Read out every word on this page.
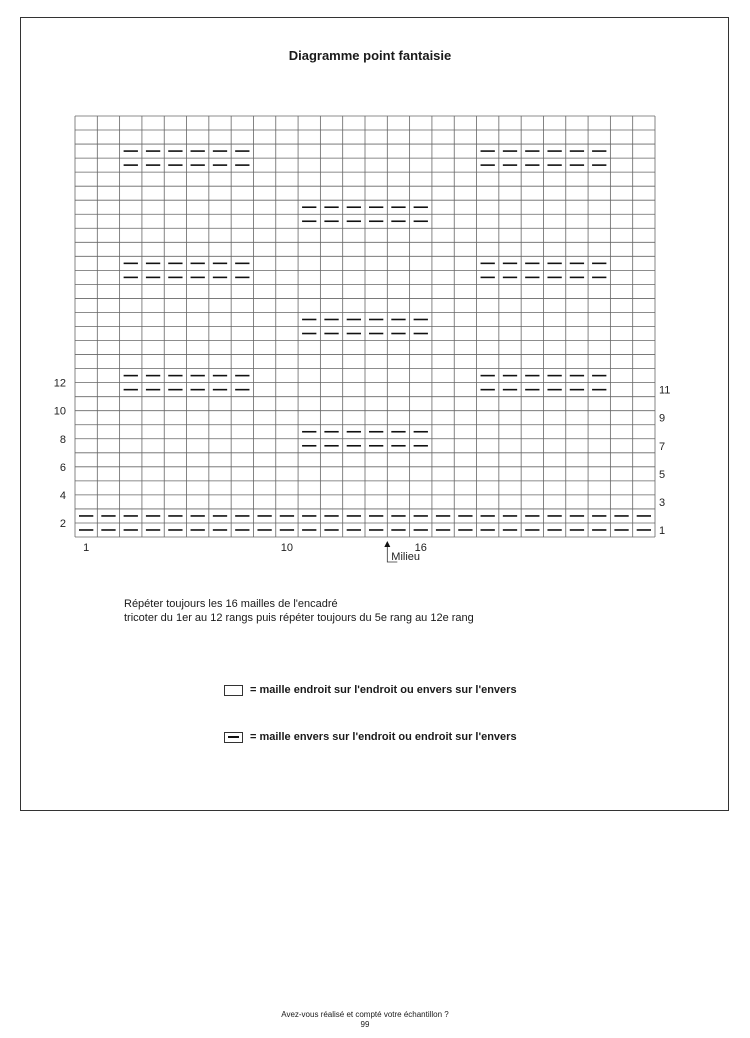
Diagramme point fantaisie
2
4
6
8
10
12
1
3
5
7
9
11
16
10
1
Milieu
Répéter toujours les 16 mailles de l'encadré
tricoter du 1er au 12 rangs puis répéter toujours du 5e rang au 12e rang
= maille endroit sur l'endroit ou envers sur l'envers
= maille envers sur l'endroit ou endroit sur l'envers
Avez-vous réalisé et compté votre échantillon ?
99
